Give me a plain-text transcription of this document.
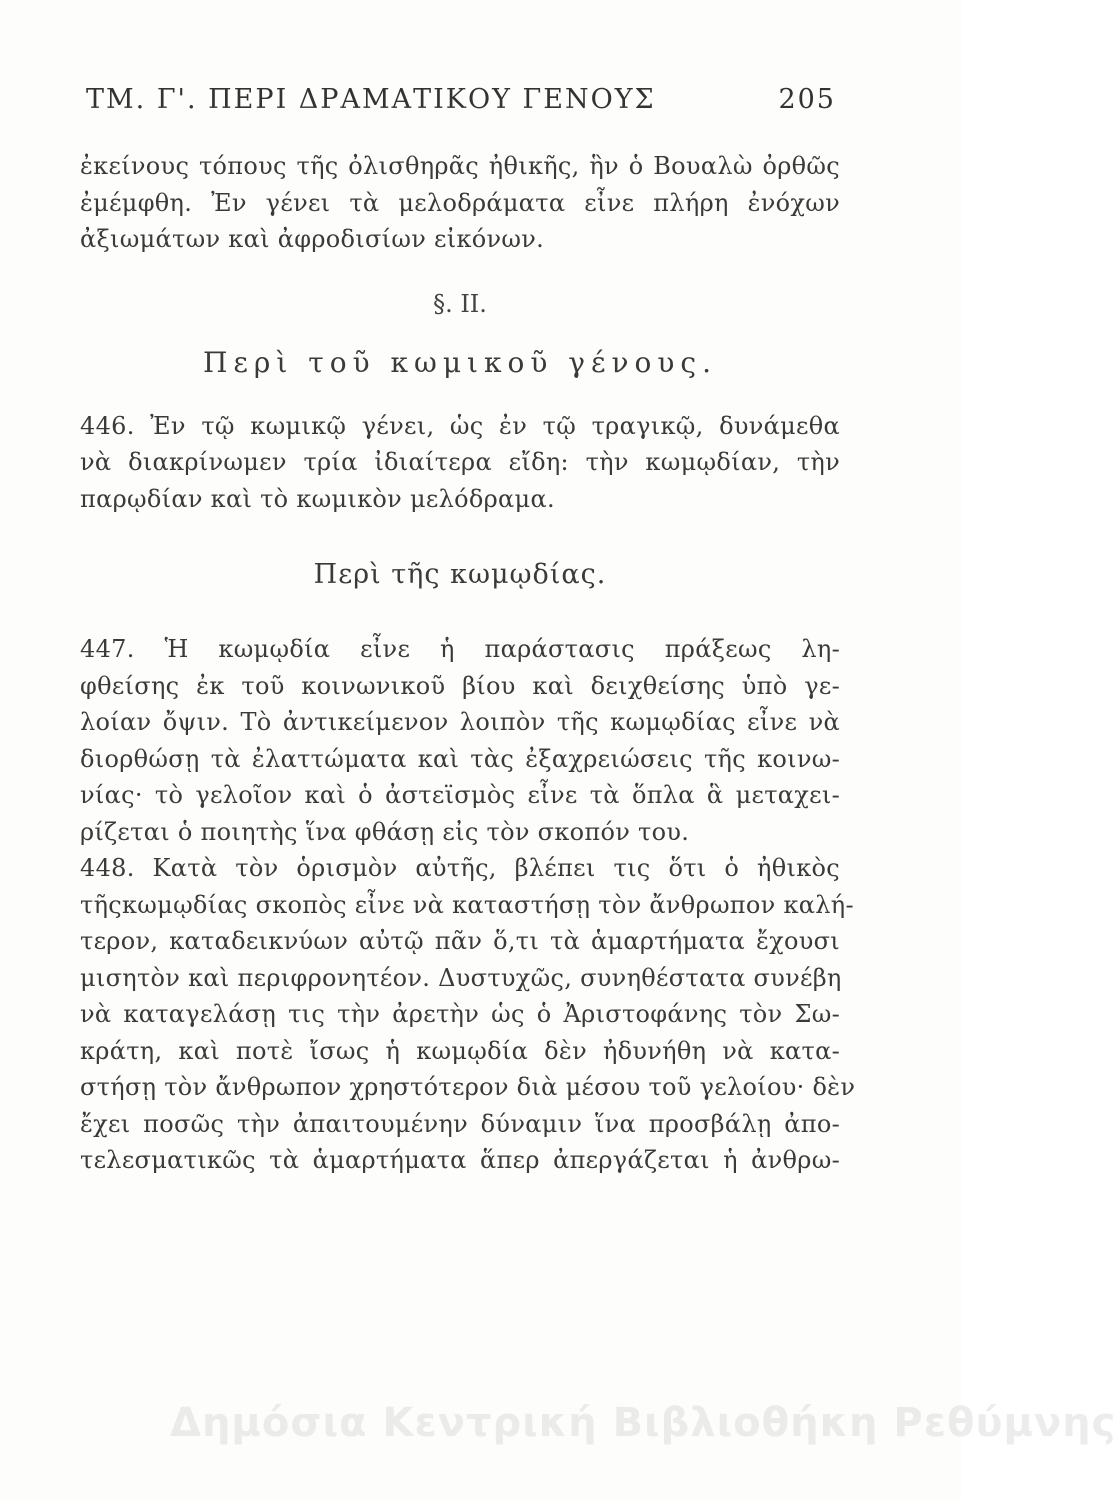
ΤΜ. Γ'. ΠΕΡΙ ΔΡΑΜΑΤΙΚΟΥ ΓΕΝΟΥΣ	205
ἐκείνους τόπους τῆς ὀλισθηρᾶς ἠθικῆς, ἣν ὁ Βουαλὼ ὀρθῶς
ἐμέμφθη. Ἐν γένει τὰ μελοδράματα εἶνε πλήρη ἐνόχων
ἀξιωμάτων καὶ ἀφροδισίων εἰκόνων.
§. II.
Περὶ τοῦ κωμικοῦ γένους.
446. Ἐν τῷ κωμικῷ γένει, ὡς ἐν τῷ τραγικῷ, δυνάμεθα
νὰ διακρίνωμεν τρία ἰδιαίτερα εἴδη: τὴν κωμῳδίαν, τὴν
παρῳδίαν καὶ τὸ κωμικὸν μελόδραμα.
Περὶ τῆς κωμῳδίας.
447. Ἡ κωμῳδία εἶνε ἡ παράστασις πράξεως λη-
φθείσης ἐκ τοῦ κοινωνικοῦ βίου καὶ δειχθείσης ὑπὸ γε-
λοίαν ὄψιν. Τὸ ἀντικείμενον λοιπὸν τῆς κωμῳδίας εἶνε νὰ
διορθώσῃ τὰ ἐλαττώματα καὶ τὰς ἐξαχρειώσεις τῆς κοινω-
νίας· τὸ γελοῖον καὶ ὁ ἀστεϊσμὸς εἶνε τὰ ὅπλα ἃ μεταχει-
ρίζεται ὁ ποιητὴς ἵνα φθάσῃ εἰς τὸν σκοπόν του.
448. Κατὰ τὸν ὁρισμὸν αὐτῆς, βλέπει τις ὅτι ὁ ἠθικὸς
τῆςκωμῳδίας σκοπὸς εἶνε νὰ καταστήσῃ τὸν ἄνθρωπον καλή-
τερον, καταδεικνύων αὐτῷ πᾶν ὅ,τι τὰ ἁμαρτήματα ἔχουσι
μισητὸν καὶ περιφρονητέον. Δυστυχῶς, συνηθέστατα συνέβη
νὰ καταγελάσῃ τις τὴν ἀρετὴν ὡς ὁ Ἀριστοφάνης τὸν Σω-
κράτη, καὶ ποτὲ ἴσως ἡ κωμῳδία δὲν ἠδυνήθη νὰ κατα-
στήσῃ τὸν ἄνθρωπον χρηστότερον διὰ μέσου τοῦ γελοίου· δὲν
ἔχει ποσῶς τὴν ἀπαιτουμένην δύναμιν ἵνα προσβάλῃ ἀπο-
τελεσματικῶς τὰ ἁμαρτήματα ἅπερ ἀπεργάζεται ἡ ἀνθρω-
Δημόσια Κεντρική Βιβλιοθήκη Ρεθύμνης
